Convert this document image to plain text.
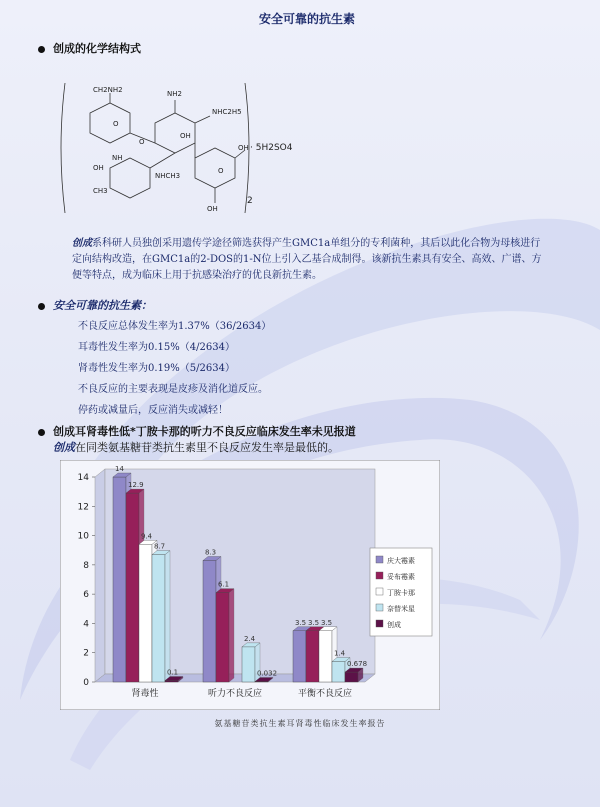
安全可靠的抗生素
创成的化学结构式
CH2NH2	NH2
NHC2H5
OH
O
O
NH
OH
CH3
NHCH3
OH	O
OH
2
· 5H2SO4
创成系科研人员独创采用遗传学途径筛选获得产生GMC1a单组分的专利菌种，其后以此化合物为母核进行定向结构改造，在GMC1a的2-DOS的1-N位上引入乙基合成制得。该新抗生素具有安全、高效、广谱、方便等特点，成为临床上用于抗感染治疗的优良新抗生素。
安全可靠的抗生素：
不良反应总体发生率为1.37%（36/2634）
耳毒性发生率为0.15%（4/2634）
肾毒性发生率为0.19%（5/2634）
不良反应的主要表现是皮疹及消化道反应。
停药或减量后，反应消失或减轻！
创成耳肾毒性低*丁胺卡那的听力不良反应临床发生率未见报道
创成在同类氨基糖苷类抗生素里不良反应发生率是最低的。
0
2
4
6
8
10
12
14
14
12.9
9.4
8.7
0.1
肾毒性
8.3
6.1
2.4
0.032
听力不良反应
3.5 3.5 3.5
1.4
0.678
平衡不良反应
庆大霉素
妥布霉素
丁胺卡那
奈替米星
创成
氨基糖苷类抗生素耳肾毒性临床发生率报告
